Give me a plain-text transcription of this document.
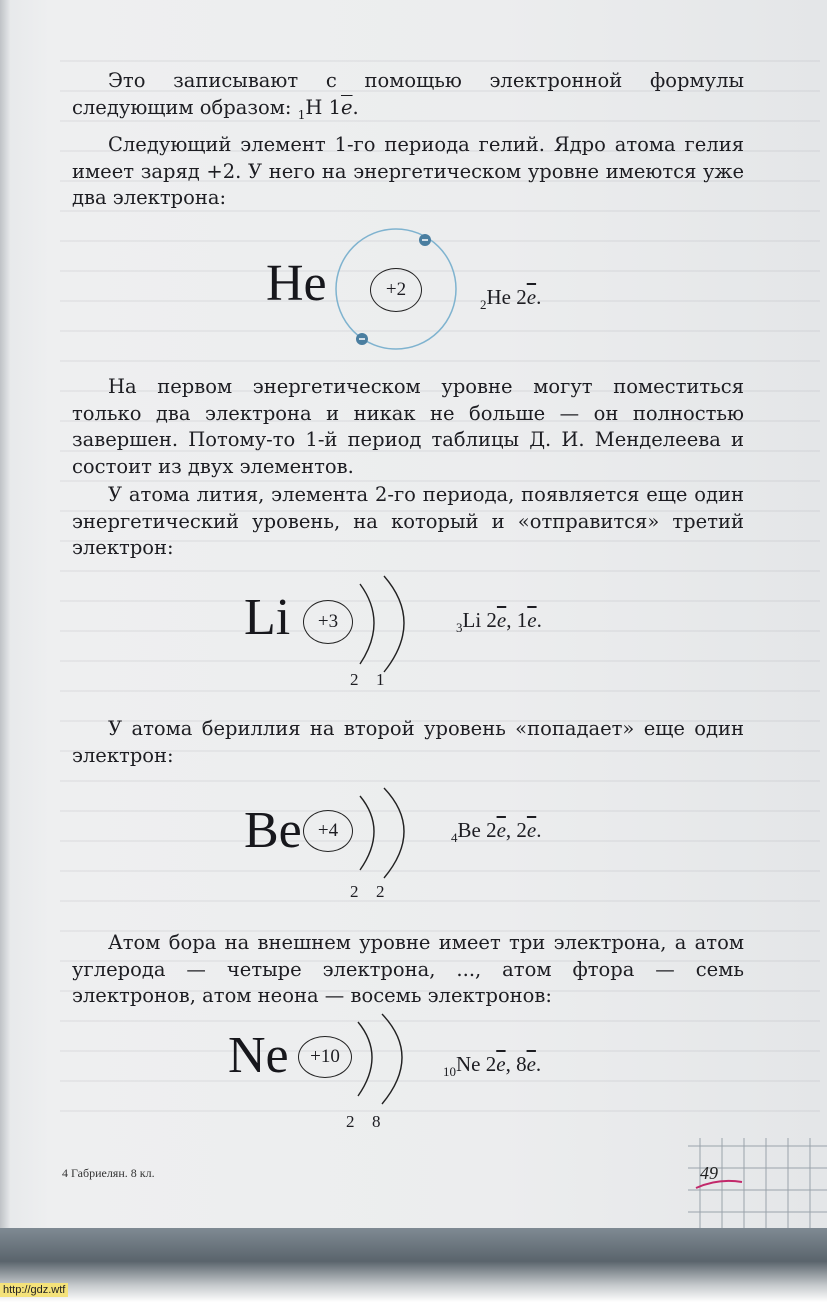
Это записывают с помощью электронной формулы следующим образом: $_1$H $1\overline{e}$.
Следующий элемент 1-го периода гелий. Ядро атома гелия имеет заряд +2. У него на энергетическом уровне имеются уже два электрона:
He	+2
$_2$He $2\overline{e}$.
На первом энергетическом уровне могут поместиться только два электрона и никак не больше — он полностью завершен. Потому-то 1-й период таблицы Д. И. Менделеева и состоит из двух элементов.
У атома лития, элемента 2-го периода, появляется еще один энергетический уровень, на который и «отправится» третий электрон:
Li	+3
2 1
$_3$Li $2\overline{e}$, $1\overline{e}$.
У атома бериллия на второй уровень «попадает» еще один электрон:
Be +4
2 2
$_4$Be $2\overline{e}$, $2\overline{e}$.
Атом бора на внешнем уровне имеет три электрона, а атом углерода — четыре электрона, ..., атом фтора — семь электронов, атом неона — восемь электронов:
Ne	+10
2 8
$_{10}$Ne $2\overline{e}$, $8\overline{e}$.
4 Габриелян. 8 кл.	49
http://gdz.wtf
